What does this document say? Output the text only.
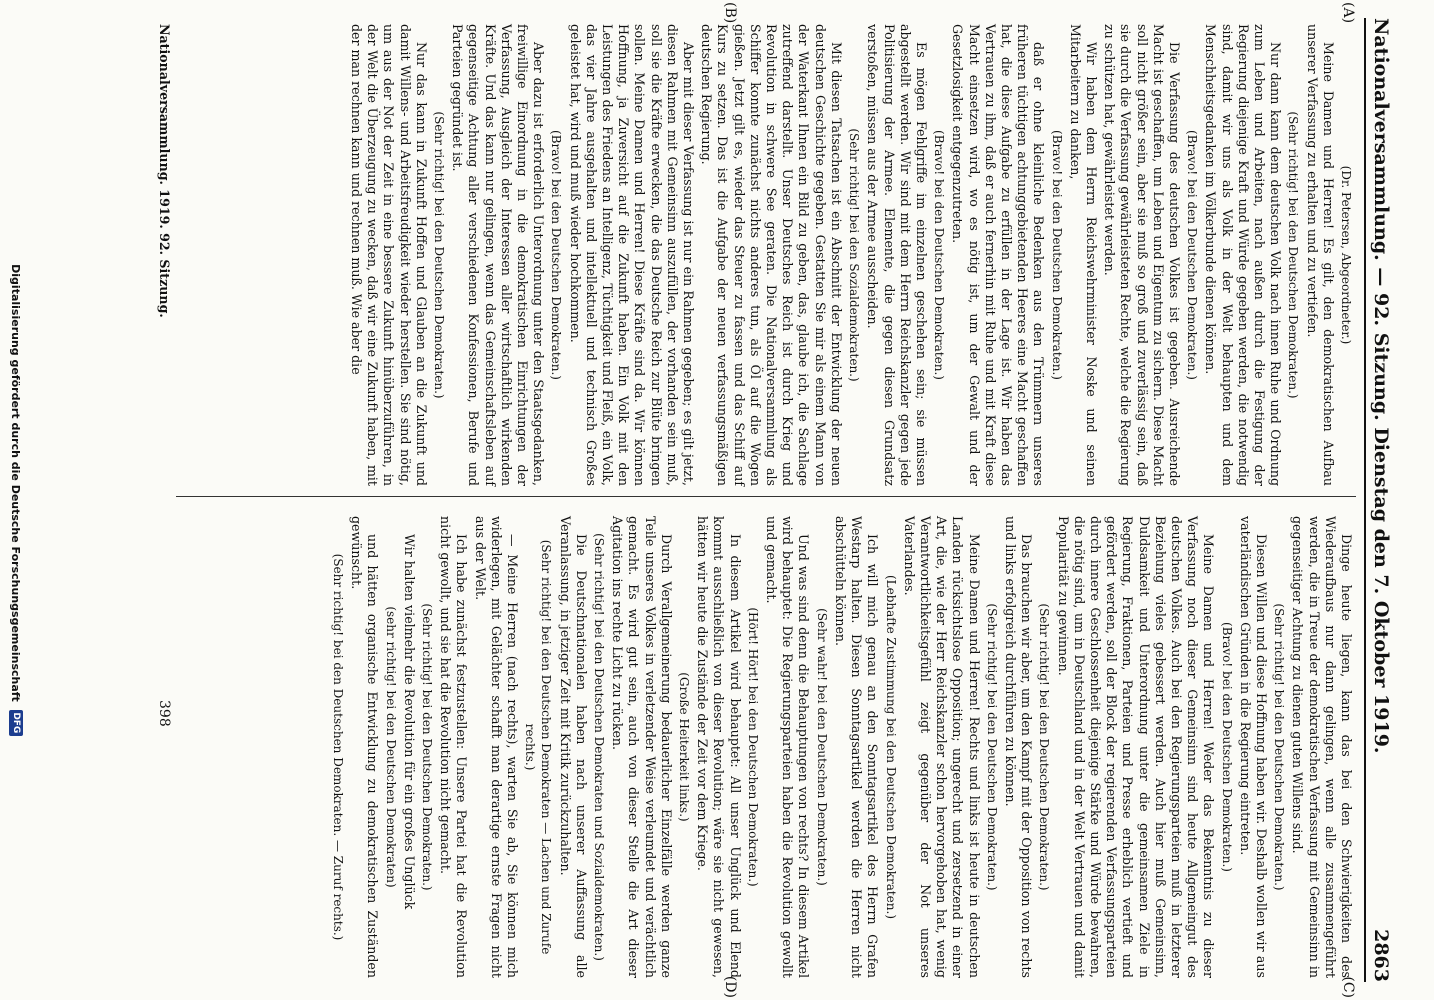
Nationalversammlung. — 92. Sitzung. Dienstag den 7. Oktober 1919.
2863
(A)
(B)
(C)
(D)

(Dr. Petersen, Abgeordneter.)

Meine Damen und Herren! Es gilt, den demokratischen Aufbau unserer Verfassung zu erhalten und zu vertiefen.

(Sehr richtig! bei den Deutschen Demokraten.)

Nur dann kann dem deutschen Volk nach innen Ruhe und Ordnung zum Leben und Arbeiten, nach außen durch die Festigung der Regierung diejenige Kraft und Würde gegeben werden, die notwendig sind, damit wir uns als Volk in der Welt behaupten und dem Menschheitsgedanken im Völkerbunde dienen können.

(Bravo! bei den Deutschen Demokraten.)

Die Verfassung des deutschen Volkes ist gegeben. Ausreichende Macht ist geschaffen, um Leben und Eigentum zu sichern. Diese Macht soll nicht größer sein, aber sie muß so groß und zuverlässig sein, daß sie durch die Verfassung gewährleisteten Rechte, welche die Regierung zu schützen hat, gewährleistet werden.

Wir haben dem Herrn Reichswehrminister Noske und seinen Mitarbeitern zu danken,

(Bravo! bei den Deutschen Demokraten.)

daß er ohne kleinliche Bedenken aus den Trümmern unseres früheren tüchtigen achtunggebietenden Heeres eine Macht geschaffen hat, die diese Aufgabe zu erfüllen in der Lage ist. Wir haben das Vertrauen zu ihm, daß er auch fernerhin mit Ruhe und mit Kraft diese Macht einsetzen wird, wo es nötig ist, um der Gewalt und der Gesetzlosigkeit entgegenzutreten.

(Bravo! bei den Deutschen Demokraten.)

Es mögen Fehlgriffe im einzelnen geschehen sein; sie müssen abgestellt werden. Wir sind mit dem Herrn Reichskanzler gegen jede Politisierung der Armee. Elemente, die gegen diesen Grundsatz verstoßen, müssen aus der Armee ausscheiden.

(Sehr richtig! bei den Sozialdemokraten.)

Mit diesen Tatsachen ist ein Abschnitt der Entwicklung der neuen deutschen Geschichte gegeben. Gestatten Sie mir als einem Mann von der Waterkant Ihnen ein Bild zu geben, das, glaube ich, die Sachlage zutreffend darstellt. Unser Deutsches Reich ist durch Krieg und Revolution in schwere See geraten. Die Nationalversammlung als Schiffer konnte zunächst nichts anderes tun, als Öl auf die Wogen gießen. Jetzt gilt es, wieder das Steuer zu fassen und das Schiff auf Kurs zu setzen. Das ist die Aufgabe der neuen verfassungsmäßigen deutschen Regierung.

Aber mit dieser Verfassung ist nur ein Rahmen gegeben; es gilt jetzt, diesen Rahmen mit Gemeinsinn auszufüllen, der vorhanden sein muß, soll sie die Kräfte erwecken, die das Deutsche Reich zur Blüte bringen sollen. Meine Damen und Herren! Diese Kräfte sind da. Wir können Hoffnung, ja Zuversicht auf die Zukunft haben. Ein Volk mit den Leistungen des Friedens an Intelligenz, Tüchtigkeit und Fleiß, ein Volk, das vier Jahre ausgehalten und intellektuell und technisch Großes geleistet hat, wird und muß wieder hochkommen.

(Bravo! bei den Deutschen Demokraten.)

Aber dazu ist erforderlich Unterordnung unter den Staatsgedanken, freiwillige Einordnung in die demokratischen Einrichtungen der Verfassung, Ausgleich der Interessen aller wirtschaftlich wirkenden Kräfte. Und das kann nur gelingen, wenn das Gemeinschaftsleben auf gegenseitige Achtung aller verschiedenen Konfessionen, Berufe und Parteien gegründet ist.

(Sehr richtig! bei den Deutschen Demokraten.)

Nur das kann in Zukunft Hoffen und Glauben an die Zukunft und damit Willens- und Arbeitsfreudigkeit wieder herstellen. Sie sind nötig, um aus der Not der Zeit in eine bessere Zukunft hinüberzuführen, in der Welt die Überzeugung zu wecken, daß wir eine Zukunft haben, mit der man rechnen kann und rechnen muß. Wie aber die

Dinge heute liegen, kann das bei den Schwierigkeiten des Wiederaufbaus nur dann gelingen, wenn alle zusammengeführt werden, die in Treue der demokratischen Verfassung mit Gemeinsinn in gegenseitiger Achtung zu dienen guten Willens sind.

(Sehr richtig! bei den Deutschen Demokraten.)

Diesen Willen und diese Hoffnung haben wir. Deshalb wollen wir aus vaterländischen Gründen in die Regierung eintreten.

(Bravo! bei den Deutschen Demokraten.)

Meine Damen und Herren! Weder das Bekenntnis zu dieser Verfassung noch dieser Gemeinsinn sind heute Allgemeingut des deutschen Volkes. Auch bei den Regierungsparteien muß in letzterer Beziehung vieles gebessert werden. Auch hier muß Gemeinsinn, Duldsamkeit und Unterordnung unter die gemeinsamen Ziele in Regierung, Fraktionen, Parteien und Presse erheblich vertieft und gefördert werden, soll der Block der regierenden Verfassungsparteien durch innere Geschlossenheit diejenige Stärke und Würde bewahren, die nötig sind, um in Deutschland und in der Welt Vertrauen und damit Popularität zu gewinnen.

(Sehr richtig! bei den Deutschen Demokraten.)

Das brauchen wir aber, um den Kampf mit der Opposition von rechts und links erfolgreich durchführen zu können.

(Sehr richtig! bei den Deutschen Demokraten.)

Meine Damen und Herren! Rechts und links ist heute in deutschen Landen rücksichtslose Opposition; ungerecht und zersetzend in einer Art, die, wie der Herr Reichskanzler schon hervorgehoben hat, wenig Verantwortlichkeitsgefühl zeigt gegenüber der Not unseres Vaterlandes.

(Lebhafte Zustimmung bei den Deutschen Demokraten.)

Ich will mich genau an den Sonntagsartikel des Herrn Grafen Westarp halten. Diesen Sonntagsartikel werden die Herren nicht abschütteln können.

(Sehr wahr! bei den Deutschen Demokraten.)

Und was sind denn die Behauptungen von rechts? In diesem Artikel wird behauptet: Die Regierungsparteien haben die Revolution gewollt und gemacht.

(Hört! Hört! bei den Deutschen Demokraten.)

In diesem Artikel wird behauptet: All unser Unglück und Elend kommt ausschließlich von dieser Revolution; wäre sie nicht gewesen, hätten wir heute die Zustände der Zeit vor dem Kriege.

(Große Heiterkeit links.)

Durch Verallgemeinerung bedauerlicher Einzelfälle werden ganze Teile unseres Volkes in verletzender Weise verleumdet und verächtlich gemacht. Es wird gut sein, auch von dieser Stelle die Art dieser Agitation ins rechte Licht zu rücken.

(Sehr richtig! bei den Deutschen Demokraten und Sozialdemokraten.)

Die Deutschnationalen haben nach unserer Auffassung alle Veranlassung, in jetziger Zeit mit Kritik zurückzuhalten.

(Sehr richtig! bei den Deutschen Demokraten — Lachen und Zurufe rechts.)

— Meine Herren (nach rechts), warten Sie ab, Sie können mich widerlegen, mit Gelächter schafft man derartige ernste Fragen nicht aus der Welt.

Ich habe zunächst festzustellen: Unsere Partei hat die Revolution nicht gewollt, und sie hat die Revolution nicht gemacht.

(Sehr richtig! bei den Deutschen Demokraten.)

Wir halten vielmehr die Revolution für ein großes Unglück

(sehr richtig! bei den Deutschen Demokraten)

und hätten organische Entwicklung zu demokratischen Zuständen gewünscht.

(Sehr richtig! bei den Deutschen Demokraten. — Zuruf rechts.)

Nationalversammlung. 1919. 92. Sitzung.
398
Digitalisierung gefördert durch die Deutsche Forschungsgemeinschaft
DFG
